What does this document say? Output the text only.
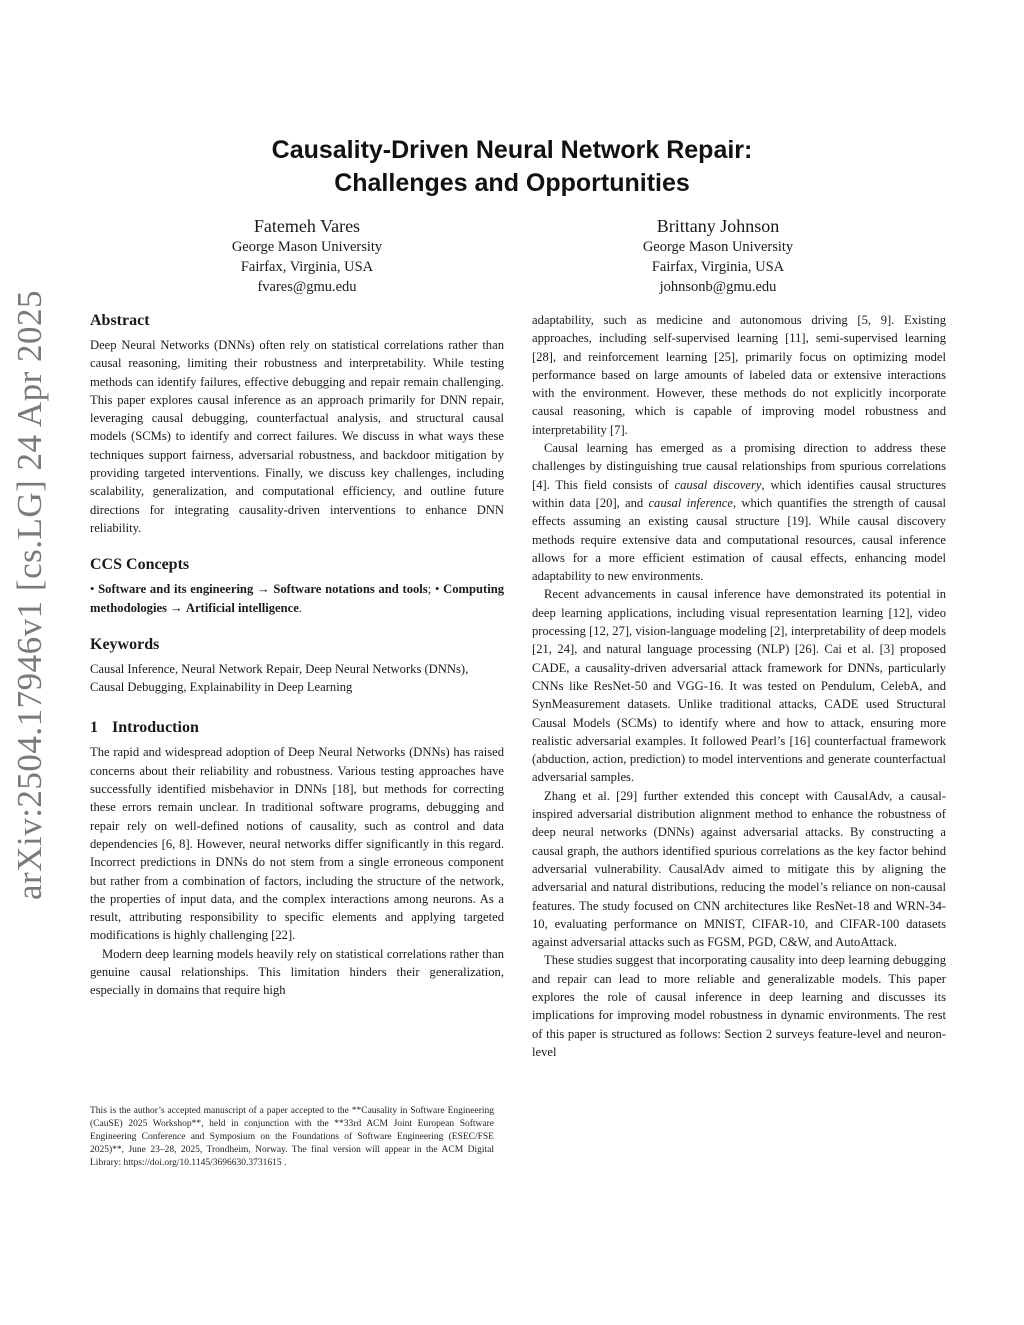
arXiv:2504.17946v1 [cs.LG] 24 Apr 2025
Causality-Driven Neural Network Repair:
Challenges and Opportunities
Fatemeh Vares
George Mason University
Fairfax, Virginia, USA
fvares@gmu.edu
Brittany Johnson
George Mason University
Fairfax, Virginia, USA
johnsonb@gmu.edu
Abstract

Deep Neural Networks (DNNs) often rely on statistical correlations rather than causal reasoning, limiting their robustness and interpretability. While testing methods can identify failures, effective debugging and repair remain challenging. This paper explores causal inference as an approach primarily for DNN repair, leveraging causal debugging, counterfactual analysis, and structural causal models (SCMs) to identify and correct failures. We discuss in what ways these techniques support fairness, adversarial robustness, and backdoor mitigation by providing targeted interventions. Finally, we discuss key challenges, including scalability, generalization, and computational efficiency, and outline future directions for integrating causality-driven interventions to enhance DNN reliability.

CCS Concepts
• Software and its engineering → Software notations and tools; • Computing methodologies → Artificial intelligence.
Keywords

Causal Inference, Neural Network Repair, Deep Neural Networks (DNNs), Causal Debugging, Explainability in Deep Learning

1 Introduction

The rapid and widespread adoption of Deep Neural Networks (DNNs) has raised concerns about their reliability and robustness. Various testing approaches have successfully identified misbehavior in DNNs [18], but methods for correcting these errors remain unclear. In traditional software programs, debugging and repair rely on well-defined notions of causality, such as control and data dependencies [6, 8]. However, neural networks differ significantly in this regard. Incorrect predictions in DNNs do not stem from a single erroneous component but rather from a combination of factors, including the structure of the network, the properties of input data, and the complex interactions among neurons. As a result, attributing responsibility to specific elements and applying targeted modifications is highly challenging [22].

Modern deep learning models heavily rely on statistical correlations rather than genuine causal relationships. This limitation hinders their generalization, especially in domains that require high

This is the author’s accepted manuscript of a paper accepted to the **Causality in Software Engineering (CauSE) 2025 Workshop**, held in conjunction with the **33rd ACM Joint European Software Engineering Conference and Symposium on the Foundations of Software Engineering (ESEC/FSE 2025)**, June 23–28, 2025, Trondheim, Norway. The final version will appear in the ACM Digital Library: https://doi.org/10.1145/3696630.3731615 .

adaptability, such as medicine and autonomous driving [5, 9]. Existing approaches, including self-supervised learning [11], semi-supervised learning [28], and reinforcement learning [25], primarily focus on optimizing model performance based on large amounts of labeled data or extensive interactions with the environment. However, these methods do not explicitly incorporate causal reasoning, which is capable of improving model robustness and interpretability [7].

Causal learning has emerged as a promising direction to address these challenges by distinguishing true causal relationships from spurious correlations [4]. This field consists of causal discovery, which identifies causal structures within data [20], and causal inference, which quantifies the strength of causal effects assuming an existing causal structure [19]. While causal discovery methods require extensive data and computational resources, causal inference allows for a more efficient estimation of causal effects, enhancing model adaptability to new environments.

Recent advancements in causal inference have demonstrated its potential in deep learning applications, including visual representation learning [12], video processing [12, 27], vision-language modeling [2], interpretability of deep models [21, 24], and natural language processing (NLP) [26]. Cai et al. [3] proposed CADE, a causality-driven adversarial attack framework for DNNs, particularly CNNs like ResNet-50 and VGG-16. It was tested on Pendulum, CelebA, and SynMeasurement datasets. Unlike traditional attacks, CADE used Structural Causal Models (SCMs) to identify where and how to attack, ensuring more realistic adversarial examples. It followed Pearl’s [16] counterfactual framework (abduction, action, prediction) to model interventions and generate counterfactual adversarial samples.

Zhang et al. [29] further extended this concept with CausalAdv, a causal-inspired adversarial distribution alignment method to enhance the robustness of deep neural networks (DNNs) against adversarial attacks. By constructing a causal graph, the authors identified spurious correlations as the key factor behind adversarial vulnerability. CausalAdv aimed to mitigate this by aligning the adversarial and natural distributions, reducing the model’s reliance on non-causal features. The study focused on CNN architectures like ResNet-18 and WRN-34-10, evaluating performance on MNIST, CIFAR-10, and CIFAR-100 datasets against adversarial attacks such as FGSM, PGD, C&W, and AutoAttack.

These studies suggest that incorporating causality into deep learning debugging and repair can lead to more reliable and generalizable models. This paper explores the role of causal inference in deep learning and discusses its implications for improving model robustness in dynamic environments. The rest of this paper is structured as follows: Section 2 surveys feature-level and neuron-level
